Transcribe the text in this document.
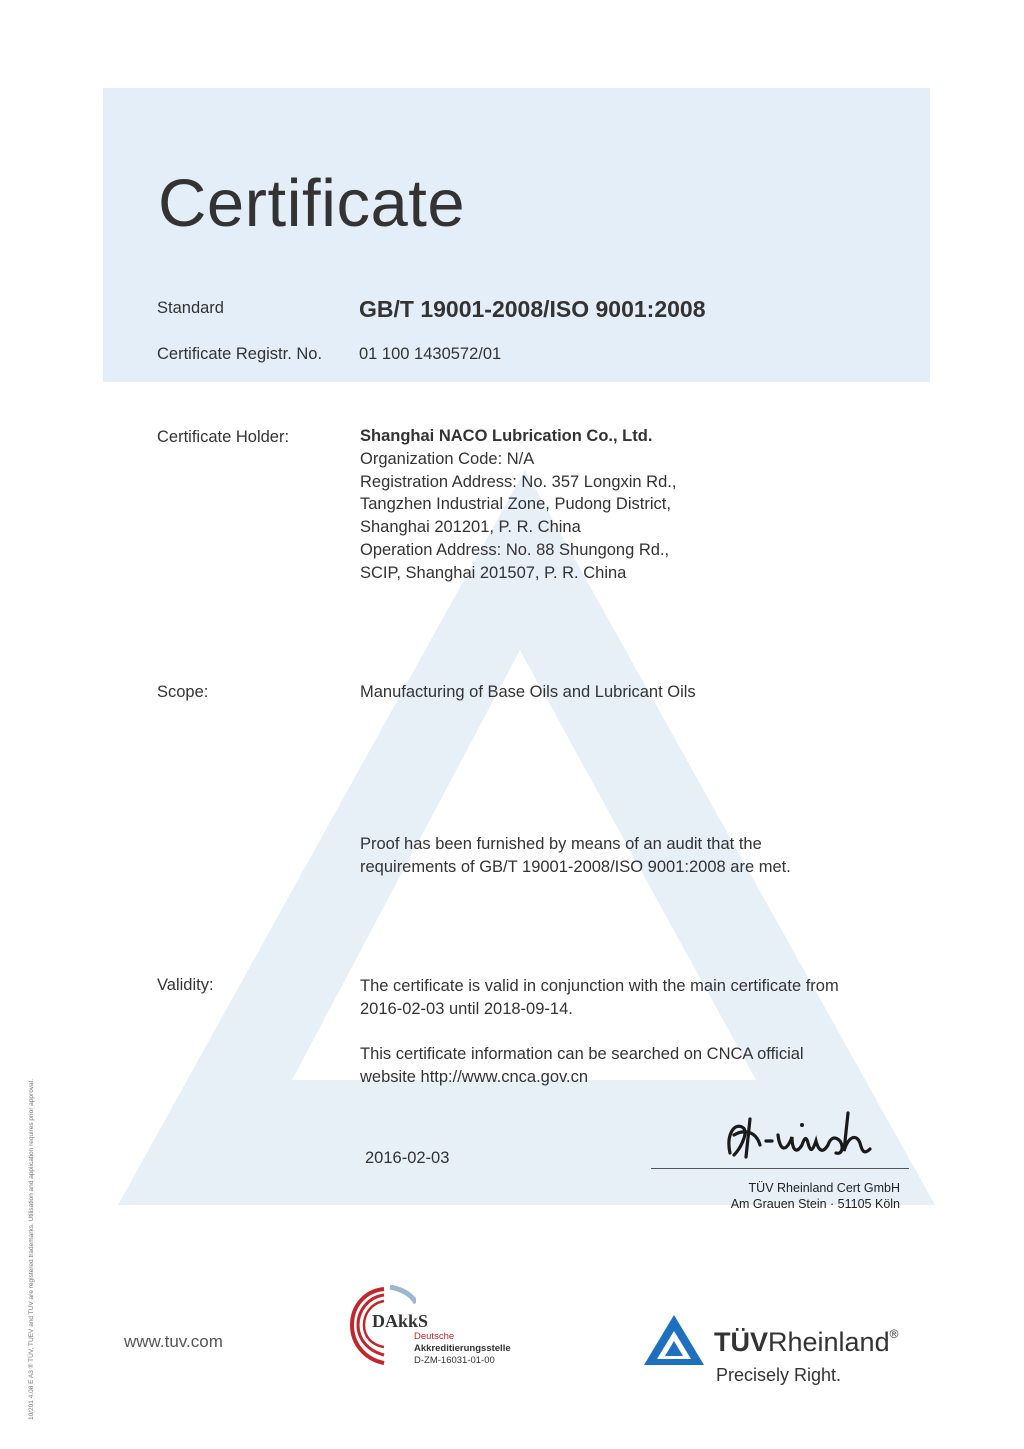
Certificate
Standard	GB/T 19001-2008/ISO 9001:2008
Certificate Registr. No. 01 100 1430572/01
Certificate Holder:	Shanghai NACO Lubrication Co., Ltd.
Organization Code: N/A
Registration Address: No. 357 Longxin Rd.,
Tangzhen Industrial Zone, Pudong District,
Shanghai 201201, P. R. China
Operation Address: No. 88 Shungong Rd.,
SCIP, Shanghai 201507, P. R. China
Scope:	Manufacturing of Base Oils and Lubricant Oils
Proof has been furnished by means of an audit that the
requirements of GB/T 19001-2008/ISO 9001:2008 are met.
Validity:	The certificate is valid in conjunction with the main certificate from
2016-02-03 until 2018-09-14.
This certificate information can be searched on CNCA official
website http://www.cnca.gov.cn
2016-02-03
TÜV Rheinland Cert GmbH
Am Grauen Stein · 51105 Köln
www.tuv.com
DAkkS
Deutsche
Akkreditierungsstelle
D-ZM-16031-01-00
TÜVRheinland®
Precisely Right.
10/201 4.08 E A3 ® TÜV, TUEV and TUV are registered trademarks. Utilisation and application requires prior approval.
